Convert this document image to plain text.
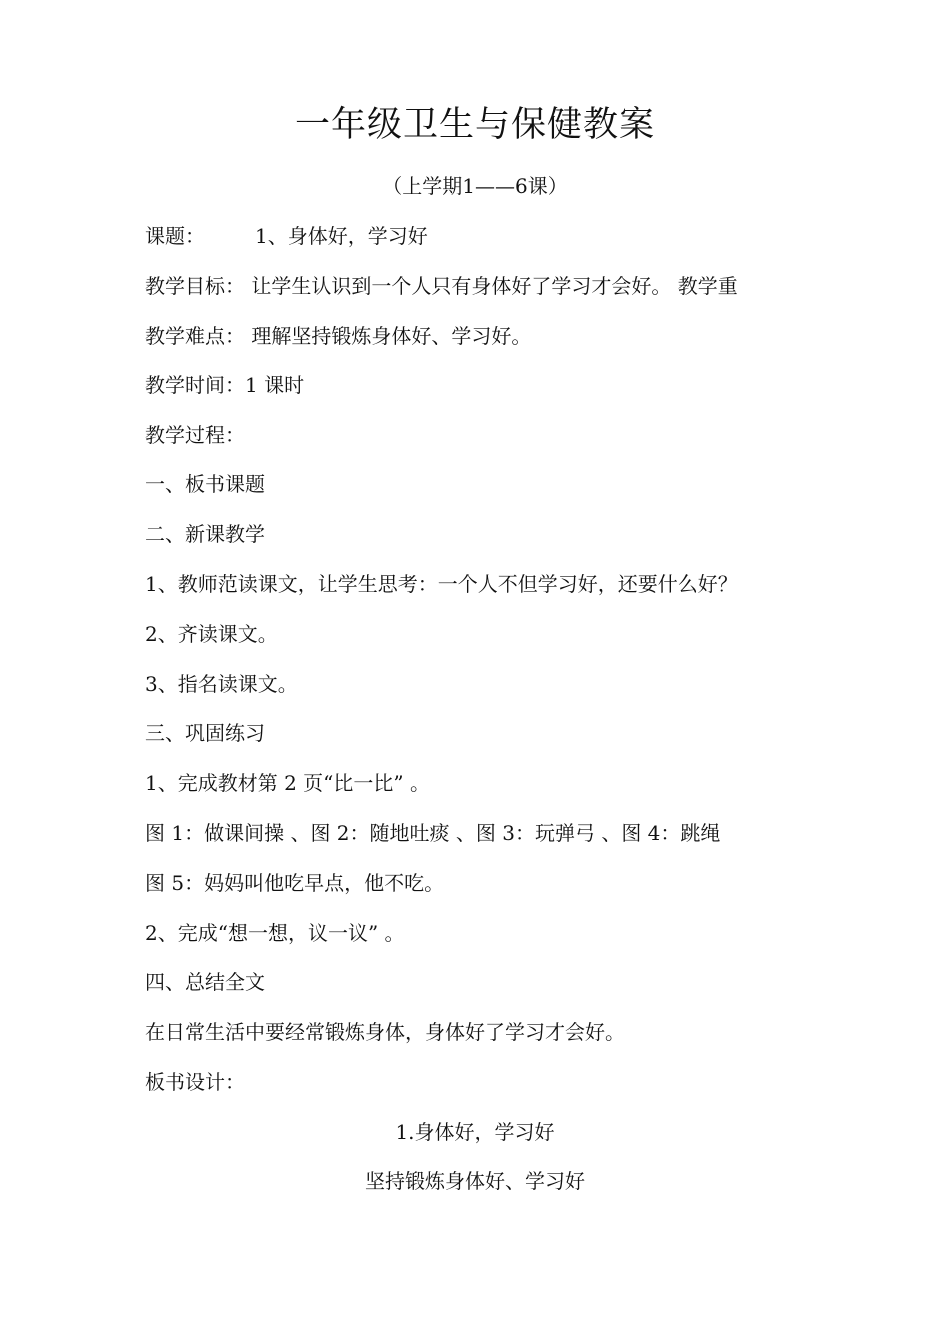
一年级卫生与保健教案
（上学期1——6课）
课题：	1、身体好，学习好
教学目标： 让学生认识到一个人只有身体好了学习才会好。 教学重
教学难点： 理解坚持锻炼身体好、学习好。
教学时间：1 课时
教学过程：
一、板书课题
二、新课教学
1、教师范读课文，让学生思考：一个人不但学习好，还要什么好？
2、齐读课文。
3、指名读课文。
三、巩固练习
1、完成教材第 2 页“比一比” 。
图 1：做课间操 、图 2：随地吐痰 、图 3：玩弹弓 、图 4：跳绳
图 5：妈妈叫他吃早点，他不吃。
2、完成“想一想，议一议” 。
四、总结全文
在日常生活中要经常锻炼身体，身体好了学习才会好。
板书设计：
1.身体好，学习好
坚持锻炼身体好、学习好
